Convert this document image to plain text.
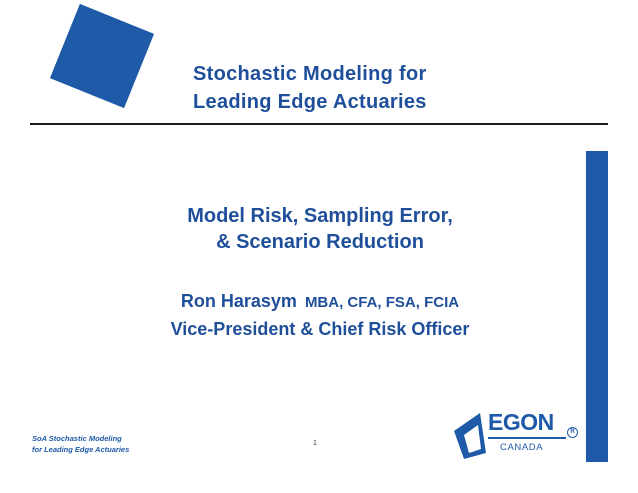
Stochastic Modeling for
Leading Edge Actuaries
Model Risk, Sampling Error,
& Scenario Reduction
Ron Harasym MBA, CFA, FSA, FCIA
Vice-President & Chief Risk Officer
SoA Stochastic Modeling
for Leading Edge Actuaries
1
EGON	R
CANADA
